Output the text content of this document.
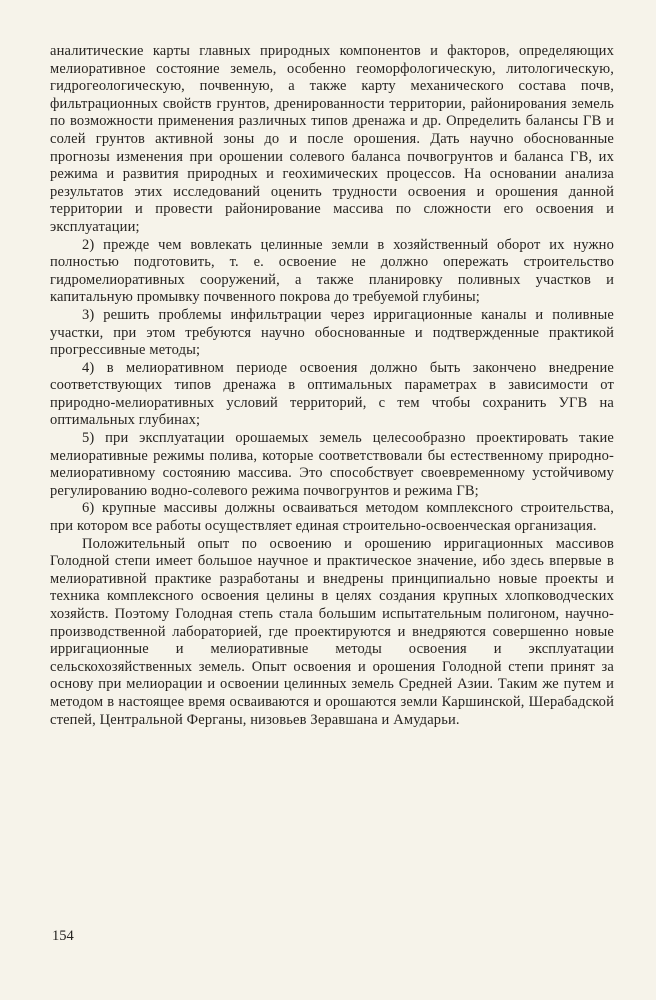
аналитические карты главных природных компонентов и факторов, определяющих мелиоративное состояние земель, особенно геоморфологическую, литологическую, гидрогеологическую, почвенную, а также карту механического состава почв, фильтрационных свойств грунтов, дренированности территории, районирования земель по возможности применения различных типов дренажа и др. Определить балансы ГВ и солей грунтов активной зоны до и после орошения. Дать научно обоснованные прогнозы изменения при орошении солевого баланса почвогрунтов и баланса ГВ, их режима и развития природных и геохимических процессов. На основании анализа результатов этих исследований оценить трудности освоения и орошения данной территории и провести районирование массива по сложности его освоения и эксплуатации;

2) прежде чем вовлекать целинные земли в хозяйственный оборот их нужно полностью подготовить, т. е. освоение не должно опережать строительство гидромелиоративных сооружений, а также планировку поливных участков и капитальную промывку почвенного покрова до требуемой глубины;

3) решить проблемы инфильтрации через ирригационные каналы и поливные участки, при этом требуются научно обоснованные и подтвержденные практикой прогрессивные методы;

4) в мелиоративном периоде освоения должно быть закончено внедрение соответствующих типов дренажа в оптимальных параметрах в зависимости от природно-мелиоративных условий территорий, с тем чтобы сохранить УГВ на оптимальных глубинах;

5) при эксплуатации орошаемых земель целесообразно проектировать такие мелиоративные режимы полива, которые соответствовали бы естественному природно-мелиоративному состоянию массива. Это способствует своевременному устойчивому регулированию водно-солевого режима почвогрунтов и режима ГВ;

6) крупные массивы должны осваиваться методом комплексного строительства, при котором все работы осуществляет единая строительно-освоенческая организация.

Положительный опыт по освоению и орошению ирригационных массивов Голодной степи имеет большое научное и практическое значение, ибо здесь впервые в мелиоративной практике разработаны и внедрены принципиально новые проекты и техника комплексного освоения целины в целях создания крупных хлопководческих хозяйств. Поэтому Голодная степь стала большим испытательным полигоном, научно-производственной лабораторией, где проектируются и внедряются совершенно новые ирригационные и мелиоративные методы освоения и эксплуатации сельскохозяйственных земель. Опыт освоения и орошения Голодной степи принят за основу при мелиорации и освоении целинных земель Средней Азии. Таким же путем и методом в настоящее время осваиваются и орошаются земли Каршинской, Шерабадской степей, Центральной Ферганы, низовьев Зеравшана и Амударьи.

154
